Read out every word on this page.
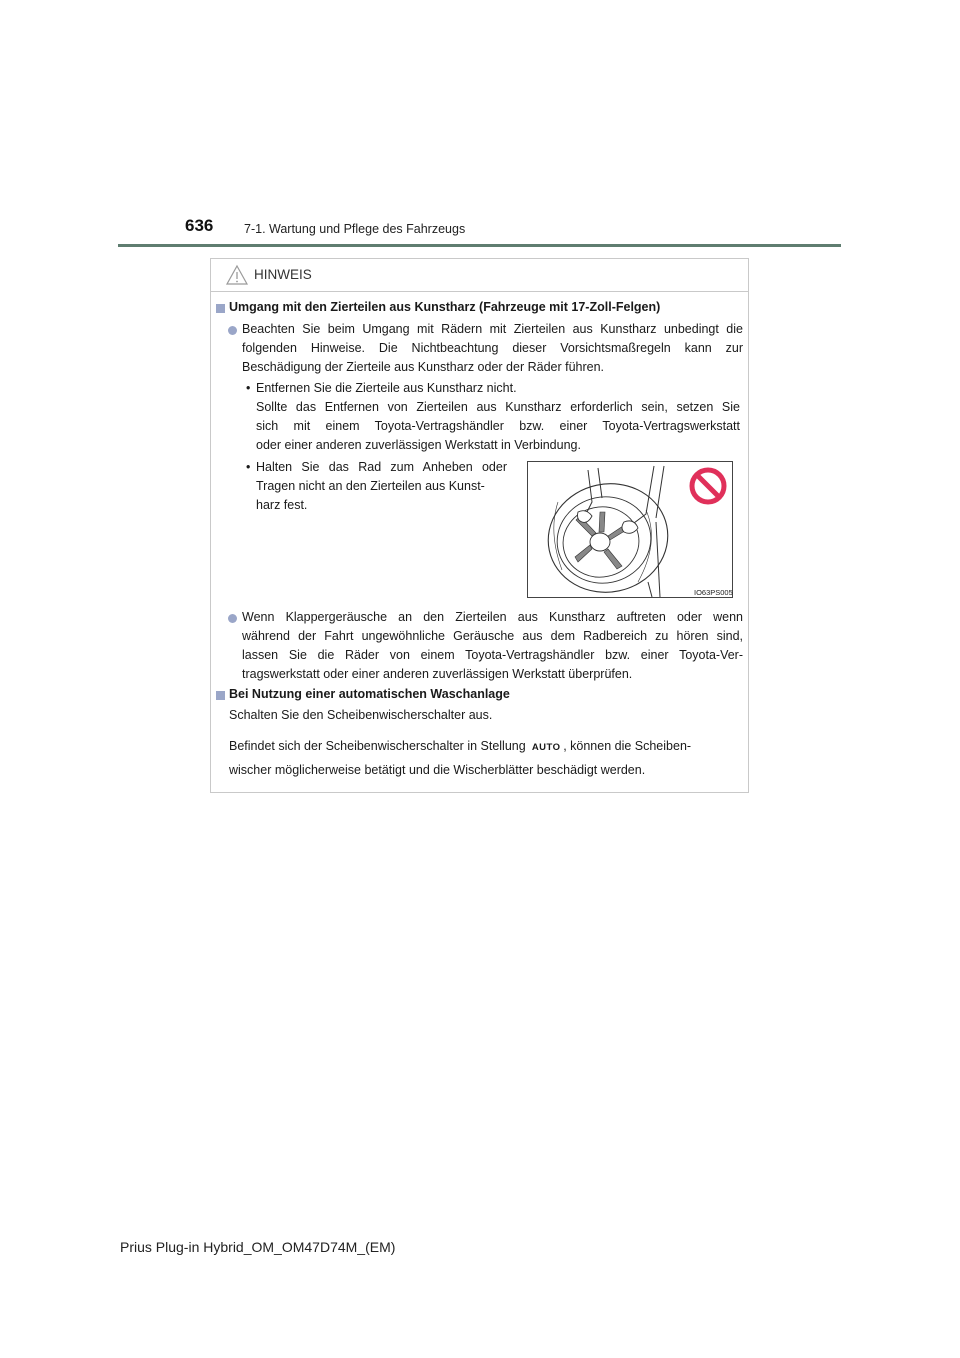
636 7-1. Wartung und Pflege des Fahrzeugs
HINWEIS
Umgang mit den Zierteilen aus Kunstharz (Fahrzeuge mit 17-Zoll-Felgen)
Beachten Sie beim Umgang mit Rädern mit Zierteilen aus Kunstharz unbedingt die
folgenden Hinweise. Die Nichtbeachtung dieser Vorsichtsmaßregeln kann zur
Beschädigung der Zierteile aus Kunstharz oder der Räder führen.
• Entfernen Sie die Zierteile aus Kunstharz nicht.
Sollte das Entfernen von Zierteilen aus Kunstharz erforderlich sein, setzen Sie
sich mit einem Toyota-Vertragshändler bzw. einer Toyota-Vertragswerkstatt
oder einer anderen zuverlässigen Werkstatt in Verbindung.
• Halten Sie das Rad zum Anheben oder
Tragen nicht an den Zierteilen aus Kunst-
harz fest.
IO63PS005
Wenn Klappergeräusche an den Zierteilen aus Kunstharz auftreten oder wenn
während der Fahrt ungewöhnliche Geräusche aus dem Radbereich zu hören sind,
lassen Sie die Räder von einem Toyota-Vertragshändler bzw. einer Toyota-Ver-
tragswerkstatt oder einer anderen zuverlässigen Werkstatt überprüfen.
Bei Nutzung einer automatischen Waschanlage
Schalten Sie den Scheibenwischerschalter aus.
Befindet sich der Scheibenwischerschalter in Stellung AUTO , können die Scheiben-
wischer möglicherweise betätigt und die Wischerblätter beschädigt werden.
Prius Plug-in Hybrid_OM_OM47D74M_(EM)
